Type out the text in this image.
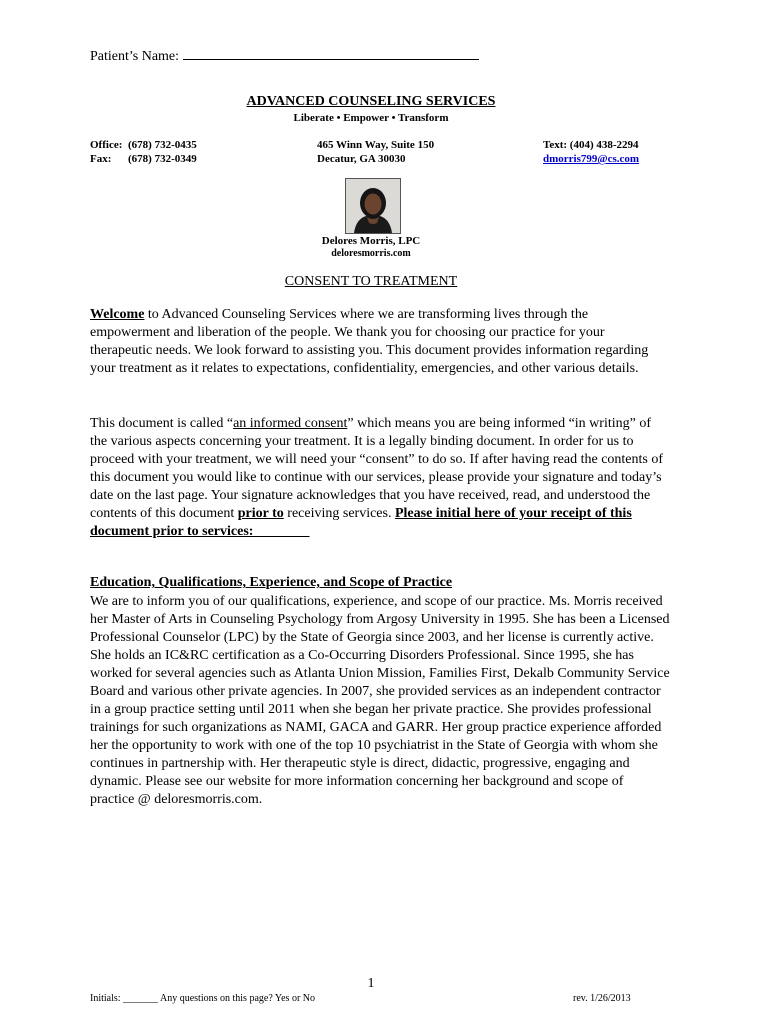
Patient’s Name:
ADVANCED COUNSELING SERVICES
Liberate • Empower • Transform
Office: (678) 732-0435
Fax: (678) 732-0349
465 Winn Way, Suite 150
Decatur, GA 30030
Text: (404) 438-2294
dmorris799@cs.com
Delores Morris, LPC
deloresmorris.com
CONSENT TO TREATMENT
Welcome to Advanced Counseling Services where we are transforming lives through the empowerment and liberation of the people. We thank you for choosing our practice for your therapeutic needs. We look forward to assisting you. This document provides information regarding your treatment as it relates to expectations, confidentiality, emergencies, and other various details.
This document is called “an informed consent” which means you are being informed “in writing” of the various aspects concerning your treatment. It is a legally binding document. In order for us to proceed with your treatment, we will need your “consent” to do so. If after having read the contents of this document you would like to continue with our services, please provide your signature and today’s date on the last page. Your signature acknowledges that you have received, read, and understood the contents of this document prior to receiving services. Please initial here of your receipt of this document prior to services:________
Education, Qualifications, Experience, and Scope of Practice
We are to inform you of our qualifications, experience, and scope of our practice. Ms. Morris received her Master of Arts in Counseling Psychology from Argosy University in 1995. She has been a Licensed Professional Counselor (LPC) by the State of Georgia since 2003, and her license is currently active. She holds an IC&RC certification as a Co-Occurring Disorders Professional. Since 1995, she has worked for several agencies such as Atlanta Union Mission, Families First, Dekalb Community Service Board and various other private agencies. In 2007, she provided services as an independent contractor in a group practice setting until 2011 when she began her private practice. She provides professional trainings for such organizations as NAMI, GACA and GARR. Her group practice experience afforded her the opportunity to work with one of the top 10 psychiatrist in the State of Georgia with whom she continues in partnership with. Her therapeutic style is direct, didactic, progressive, engaging and dynamic. Please see our website for more information concerning her background and scope of practice @ deloresmorris.com.
1
Initials: _______ Any questions on this page? Yes or No	rev. 1/26/2013
